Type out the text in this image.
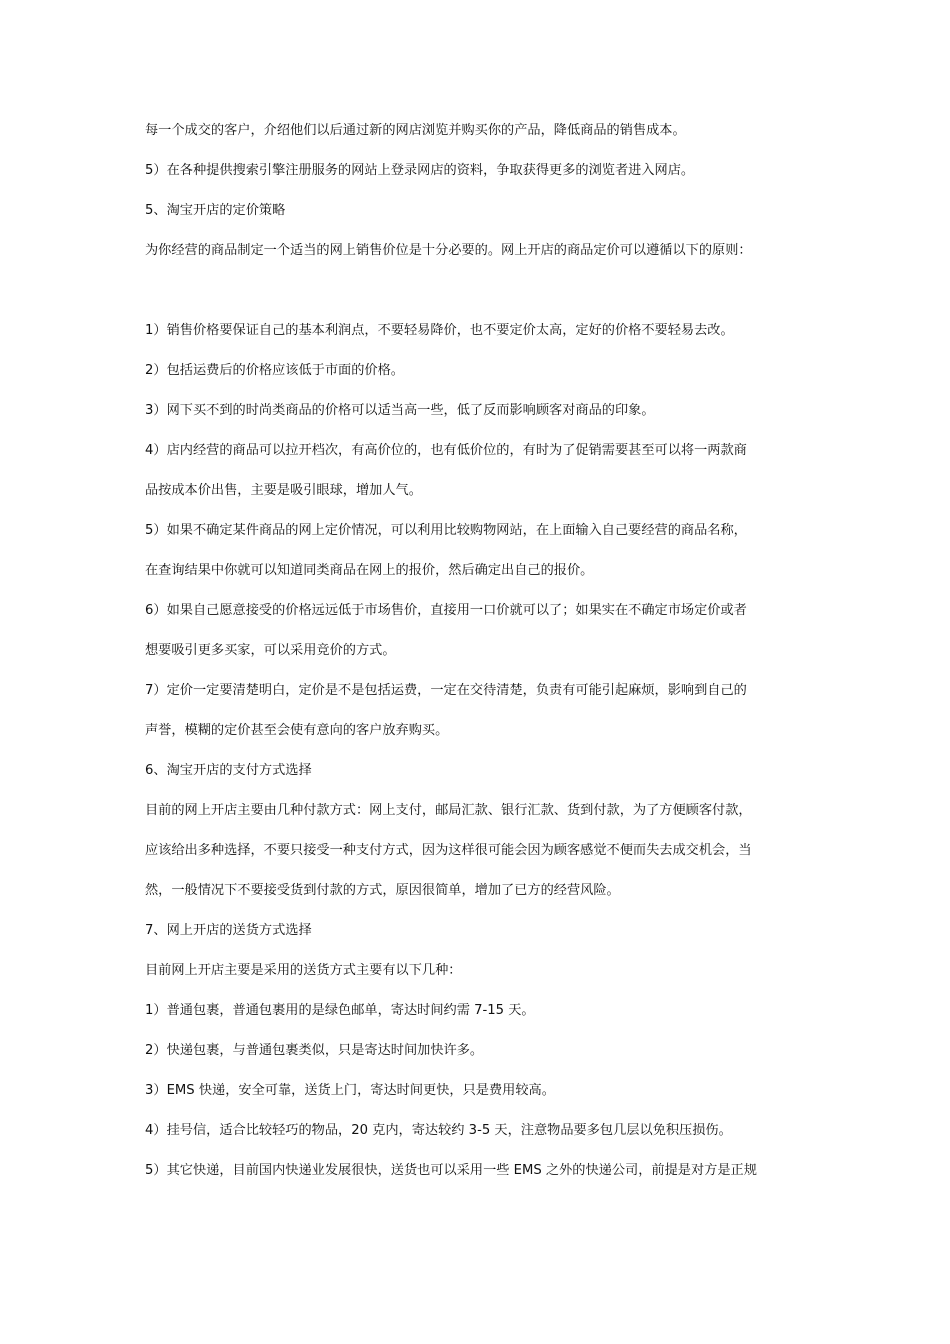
每一个成交的客户，介绍他们以后通过新的网店浏览并购买你的产品，降低商品的销售成本。

5）在各种提供搜索引擎注册服务的网站上登录网店的资料，争取获得更多的浏览者进入网店。

5、淘宝开店的定价策略

为你经营的商品制定一个适当的网上销售价位是十分必要的。网上开店的商品定价可以遵循以下的原则：

1）销售价格要保证自己的基本利润点，不要轻易降价，也不要定价太高，定好的价格不要轻易去改。

2）包括运费后的价格应该低于市面的价格。

3）网下买不到的时尚类商品的价格可以适当高一些，低了反而影响顾客对商品的印象。

4）店内经营的商品可以拉开档次，有高价位的，也有低价位的，有时为了促销需要甚至可以将一两款商

品按成本价出售，主要是吸引眼球，增加人气。

5）如果不确定某件商品的网上定价情况，可以利用比较购物网站，在上面输入自己要经营的商品名称，

在查询结果中你就可以知道同类商品在网上的报价，然后确定出自己的报价。

6）如果自己愿意接受的价格远远低于市场售价，直接用一口价就可以了；如果实在不确定市场定价或者

想要吸引更多买家，可以采用竞价的方式。

7）定价一定要清楚明白，定价是不是包括运费，一定在交待清楚，负责有可能引起麻烦，影响到自己的

声誉，模糊的定价甚至会使有意向的客户放弃购买。

6、淘宝开店的支付方式选择

目前的网上开店主要由几种付款方式：网上支付，邮局汇款、银行汇款、货到付款，为了方便顾客付款，

应该给出多种选择，不要只接受一种支付方式，因为这样很可能会因为顾客感觉不便而失去成交机会，当

然，一般情况下不要接受货到付款的方式，原因很简单，增加了已方的经营风险。

7、网上开店的送货方式选择

目前网上开店主要是采用的送货方式主要有以下几种：

1）普通包裹，普通包裹用的是绿色邮单，寄达时间约需 7-15 天。

2）快递包裹，与普通包裹类似，只是寄达时间加快许多。

3）EMS 快递，安全可靠，送货上门，寄达时间更快，只是费用较高。

4）挂号信，适合比较轻巧的物品，20 克内，寄达较约 3-5 天，注意物品要多包几层以免积压损伤。

5）其它快递，目前国内快递业发展很快，送货也可以采用一些 EMS 之外的快递公司，前提是对方是正规
